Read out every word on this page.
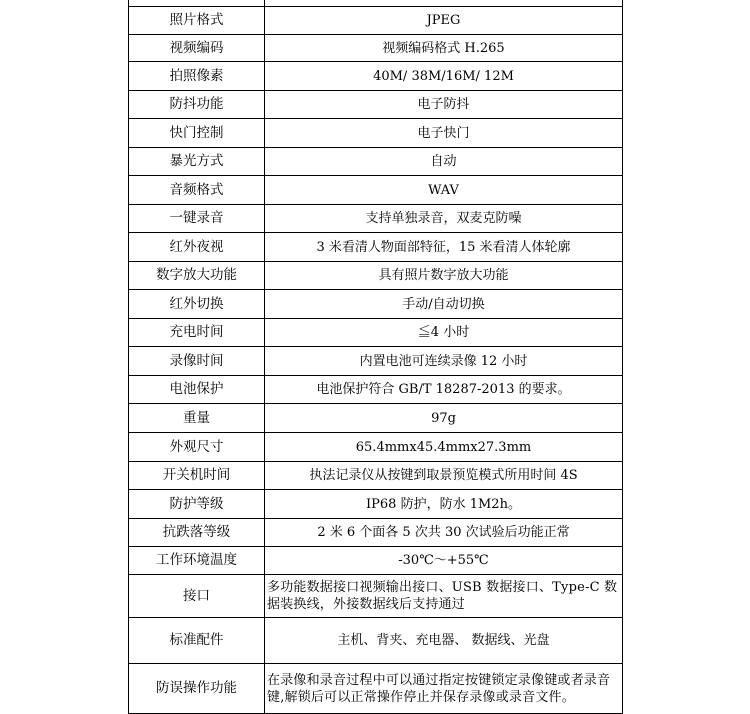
照片格式	JPEG
视频编码	视频编码格式 H.265
拍照像素	40M/ 38M/16M/ 12M
防抖功能	电子防抖
快门控制	电子快门
暴光方式	自动
音频格式	WAV
一键录音	支持单独录音，双麦克防噪
红外夜视	3 米看清人物面部特征，15 米看清人体轮廓
数字放大功能	具有照片数字放大功能
红外切换	手动/自动切换
充电时间	≦4 小时
录像时间	内置电池可连续录像 12 小时
电池保护	电池保护符合 GB/T 18287-2013 的要求。
重量	97g
外观尺寸	65.4mmx45.4mmx27.3mm
开关机时间	执法记录仪从按键到取景预览模式所用时间 4S
防护等级	IP68 防护，防水 1M2h。
抗跌落等级	2 米 6 个面各 5 次共 30 次试验后功能正常
工作环境温度	-30℃～+55℃
接口	多功能数据接口视频输出接口、USB 数据接口、Type-C 数据装换线，外接数据线后支持通过
标准配件	主机、背夹、充电器、 数据线、光盘
防误操作功能	在录像和录音过程中可以通过指定按键锁定录像键或者录音键,解锁后可以正常操作停止并保存录像或录音文件。
